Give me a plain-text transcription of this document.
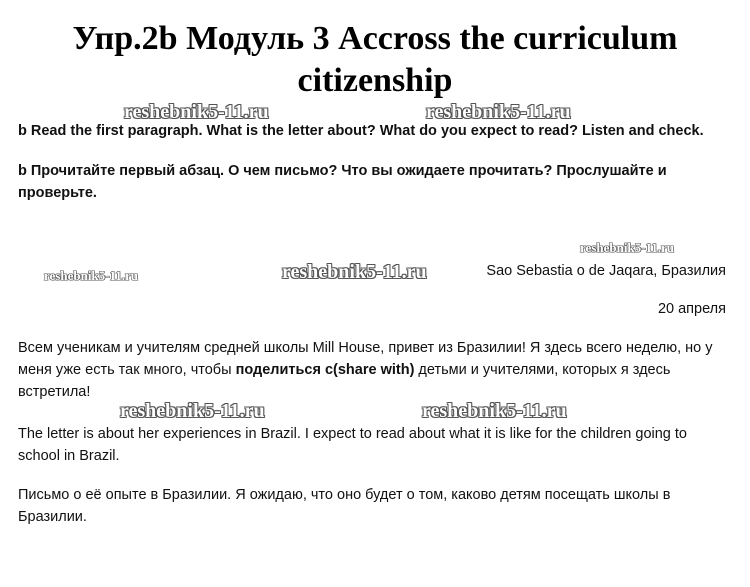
Упр.2b Модуль 3 Accross the curriculum
citizenship
reshebnik5-11.ru	reshebnik5-11.ru
reshebnik5-11.ru
reshebnik5-11.ru	reshebnik5-11.ru
reshebnik5-11.ru	reshebnik5-11.ru
b Read the first paragraph. What is the letter about? What do you expect to read? Listen and check.
b Прочитайте первый абзац. О чем письмо? Что вы ожидаете прочитать? Прослушайте и проверьте.
Sao Sebastia o de Jaqara, Бразилия
20 апреля
Всем ученикам и учителям средней школы Mill House, привет из Бразилии! Я здесь всего неделю, но у меня уже есть так много, чтобы поделиться с(share with) детьми и учителями, которых я здесь встретила!
The letter is about her experiences in Brazil. I expect to read about what it is like for the children going to school in Brazil.
Письмо о её опыте в Бразилии. Я ожидаю, что оно будет о том, каково детям посещать школы в Бразилии.
